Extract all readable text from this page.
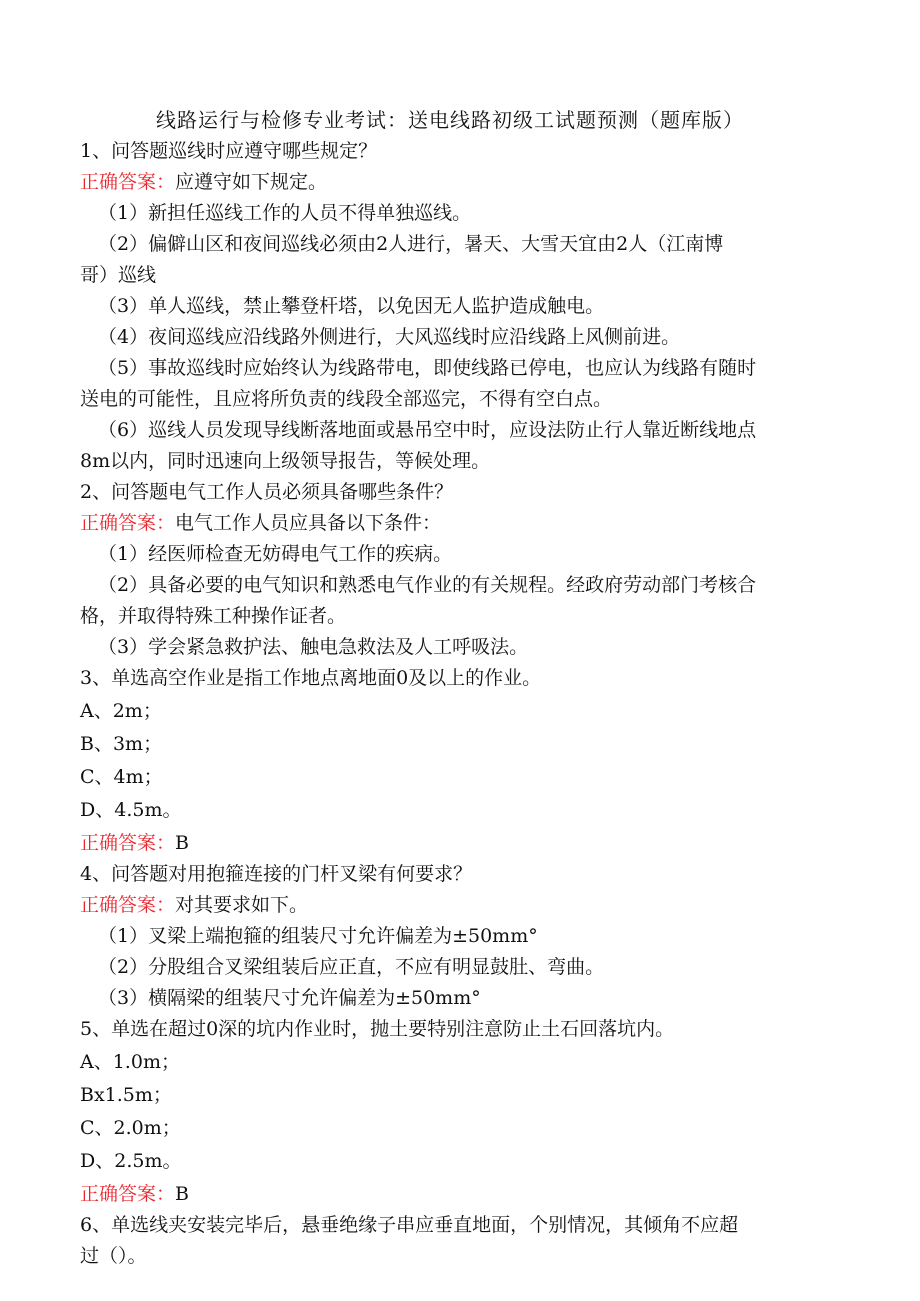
线路运行与检修专业考试：送电线路初级工试题预测（题库版）
1、问答题巡线时应遵守哪些规定？
正确答案：应遵守如下规定。
（1）新担任巡线工作的人员不得单独巡线。
（2）偏僻山区和夜间巡线必须由2人进行，暑天、大雪天宜由2人（江南博
哥）巡线
（3）单人巡线，禁止攀登杆塔，以免因无人监护造成触电。
（4）夜间巡线应沿线路外侧进行，大风巡线时应沿线路上风侧前进。
（5）事故巡线时应始终认为线路带电，即使线路已停电，也应认为线路有随时
送电的可能性，且应将所负责的线段全部巡完，不得有空白点。
（6）巡线人员发现导线断落地面或悬吊空中时，应设法防止行人靠近断线地点
8m以内，同时迅速向上级领导报告，等候处理。
2、问答题电气工作人员必须具备哪些条件？
正确答案：电气工作人员应具备以下条件：
（1）经医师检查无妨碍电气工作的疾病。
（2）具备必要的电气知识和熟悉电气作业的有关规程。经政府劳动部门考核合
格，并取得特殊工种操作证者。
（3）学会紧急救护法、触电急救法及人工呼吸法。
3、单选高空作业是指工作地点离地面0及以上的作业。
A、2m；
B、3m；
C、4m；
D、4.5m。
正确答案：B
4、问答题对用抱箍连接的门杆叉梁有何要求？
正确答案：对其要求如下。
（1）叉梁上端抱箍的组装尺寸允许偏差为±50mm°
（2）分股组合叉梁组装后应正直，不应有明显鼓肚、弯曲。
（3）横隔梁的组装尺寸允许偏差为±50mm°
5、单选在超过0深的坑内作业时，抛土要特别注意防止土石回落坑内。
A、1.0m；
Bx1.5m；
C、2.0m；
D、2.5m。
正确答案：B
6、单选线夹安装完毕后，悬垂绝缘子串应垂直地面，个别情况，其倾角不应超
过（）。
